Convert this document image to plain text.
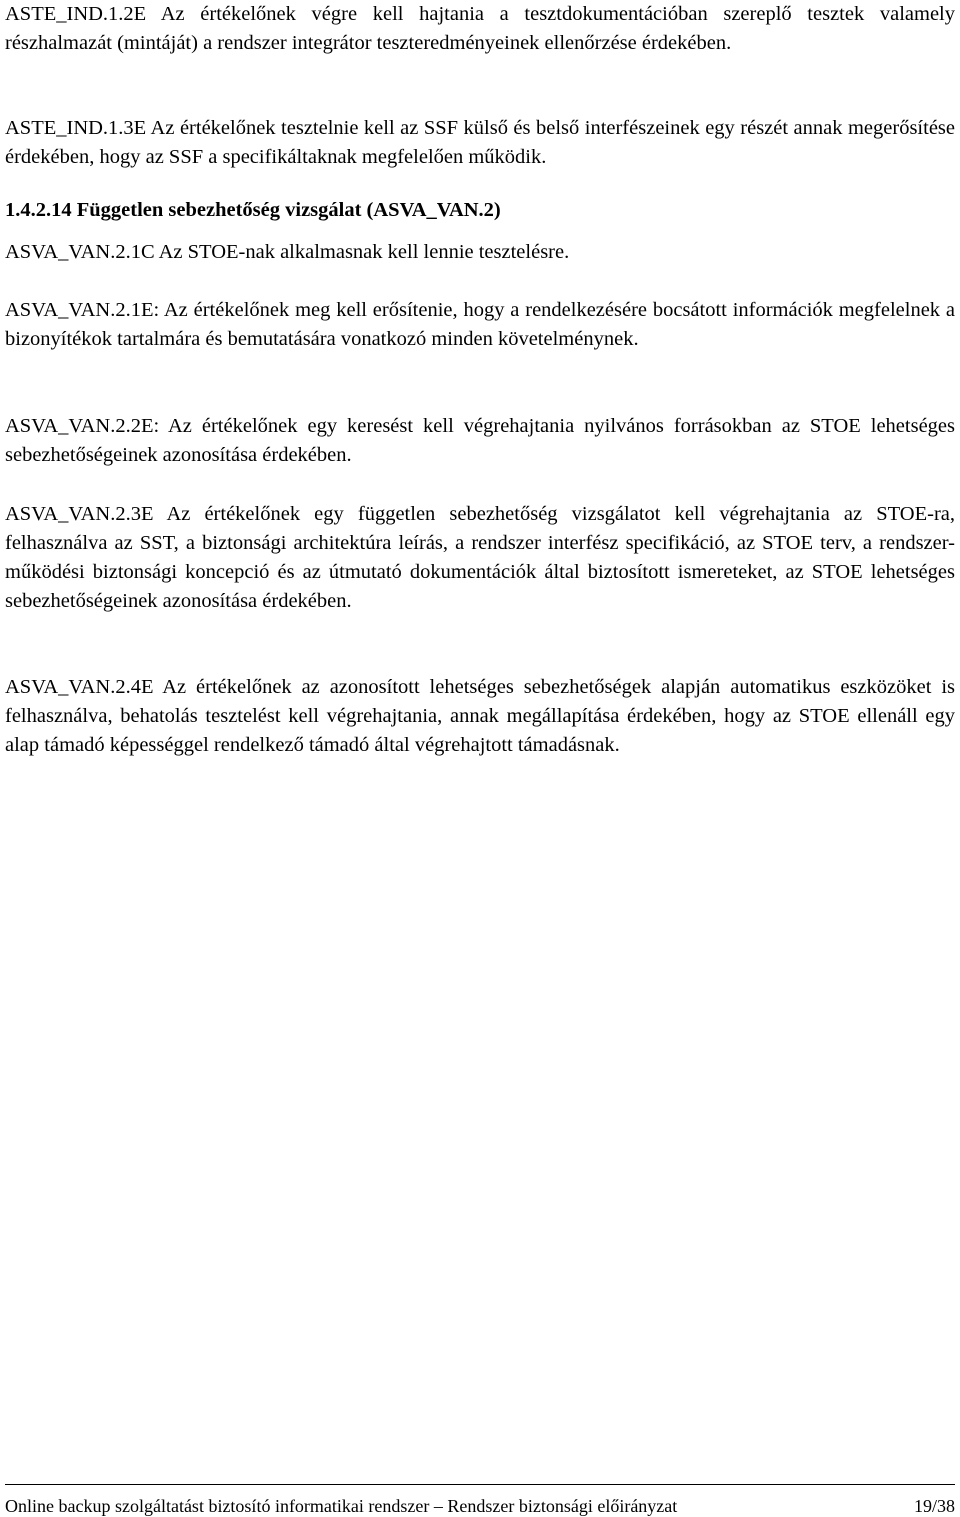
ASTE_IND.1.2E Az értékelőnek végre kell hajtania a tesztdokumentációban szereplő tesztek valamely részhalmazát (mintáját) a rendszer integrátor teszteredményeinek ellenőrzése érdekében.

ASTE_IND.1.3E Az értékelőnek tesztelnie kell az SSF külső és belső interfészeinek egy részét annak megerősítése érdekében, hogy az SSF a specifikáltaknak megfelelően működik.

1.4.2.14 Független sebezhetőség vizsgálat (ASVA_VAN.2)

ASVA_VAN.2.1C Az STOE-nak alkalmasnak kell lennie tesztelésre.

ASVA_VAN.2.1E: Az értékelőnek meg kell erősítenie, hogy a rendelkezésére bocsátott információk megfelelnek a bizonyítékok tartalmára és bemutatására vonatkozó minden követelménynek.

ASVA_VAN.2.2E: Az értékelőnek egy keresést kell végrehajtania nyilvános forrásokban az STOE lehetséges sebezhetőségeinek azonosítása érdekében.

ASVA_VAN.2.3E Az értékelőnek egy független sebezhetőség vizsgálatot kell végrehajtania az STOE-ra, felhasználva az SST, a biztonsági architektúra leírás, a rendszer interfész specifikáció, az STOE terv, a rendszer-működési biztonsági koncepció és az útmutató dokumentációk által biztosított ismereteket, az STOE lehetséges sebezhetőségeinek azonosítása érdekében.

ASVA_VAN.2.4E Az értékelőnek az azonosított lehetséges sebezhetőségek alapján automatikus eszközöket is felhasználva, behatolás tesztelést kell végrehajtania, annak megállapítása érdekében, hogy az STOE ellenáll egy alap támadó képességgel rendelkező támadó által végrehajtott támadásnak.

Online backup szolgáltatást biztosító informatikai rendszer – Rendszer biztonsági előirányzat	19/38
